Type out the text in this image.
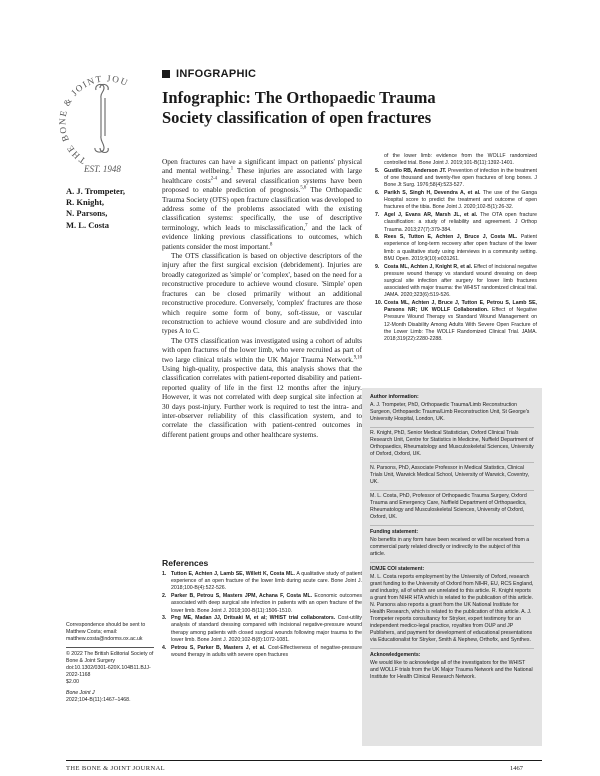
THE BONE & JOINT JOU
EST. 1948
A. J. Trompeter,
R. Knight,
N. Parsons,
M. L. Costa
INFOGRAPHIC
Infographic: The Orthopaedic Trauma Society classification of open fractures

Open fractures can have a significant impact on patients' physical and mental wellbeing.$^1$ These injuries are associated with large healthcare costs$^{2-4}$ and several classification systems have been proposed to enable prediction of prognosis.$^{5,6}$ The Orthopaedic Trauma Society (OTS) open fracture classification was developed to address some of the problems associated with the existing classification systems: specifically, the use of descriptive terminology, which leads to misclassification,$^7$ and the lack of evidence linking previous classifications to outcomes, which patients consider the most important.$^8$

The OTS classification is based on objective descriptors of the injury after the first surgical excision (debridement). Injuries are broadly categorized as 'simple' or 'complex', based on the need for a reconstructive procedure to achieve wound closure. 'Simple' open fractures can be closed primarily without an additional reconstructive procedure. Conversely, 'complex' fractures are those which require some form of bony, soft-tissue, or vascular reconstruction to achieve wound closure and are subdivided into types A to C.

The OTS classification was investigated using a cohort of adults with open fractures of the lower limb, who were recruited as part of two large clinical trials within the UK Major Trauma Network.$^{9,10}$ Using high-quality, prospective data, this analysis shows that the classification correlates with patient-reported disability and patient-reported quality of life in the first 12 months after the injury. However, it was not correlated with deep surgical site infection at 30 days post-injury. Further work is required to test the intra- and inter-observer reliability of this classification system, and to correlate the classification with patient-centred outcomes in different patient groups and other healthcare systems.

References
1. Tutton E, Achten J, Lamb SE, Willett K, Costa ML. A qualitative study of patient experience of an open fracture of the lower limb during acute care. Bone Joint J. 2018;100-B(4):522-526.
2. Parker B, Petrou S, Masters JPM, Achana F, Costa ML. Economic outcomes associated with deep surgical site infection in patients with an open fracture of the lower limb. Bone Joint J. 2018;100-B(11):1506-1510.
3. Png ME, Madan JJ, Dritsaki M, et al; WHIST trial collaborators. Cost-utility analysis of standard dressing compared with incisional negative-pressure wound therapy among patients with closed surgical wounds following major trauma to the lower limb. Bone Joint J. 2020;102-B(8):1072-1081.
4. Petrou S, Parker B, Masters J, et al. Cost-Effectiveness of negative-pressure wound therapy in adults with severe open fractures
of the lower limb: evidence from the WOLLF randomized controlled trial. Bone Joint J. 2019;101-B(11):1392-1401.
5. Gustilo RB, Anderson JT. Prevention of infection in the treatment of one thousand and twenty-five open fractures of long bones. J Bone Jt Surg. 1976;58(4):523-527.
6. Parikh S, Singh H, Devendra A, et al. The use of the Ganga Hospital score to predict the treatment and outcome of open fractures of the tibia. Bone Joint J. 2020;102-B(1):26-32.
7. Agel J, Evans AR, Marsh JL, et al. The OTA open fracture classification: a study of reliability and agreement. J Orthop Trauma. 2013;27(7):379-384.
8. Rees S, Tutton E, Achten J, Bruce J, Costa ML. Patient experience of long-term recovery after open fracture of the lower limb: a qualitative study using interviews in a community setting. BMJ Open. 2019;9(10):e031261.
9. Costa ML, Achten J, Knight R, et al. Effect of incisional negative pressure wound therapy vs standard wound dressing on deep surgical site infection after surgery for lower limb fractures associated with major trauma: the WHIST randomized clinical trial. JAMA. 2020;323(6):519-526.
10. Costa ML, Achten J, Bruce J, Tutton E, Petrou S, Lamb SE, Parsons NR; UK WOLLF Collaboration. Effect of Negative Pressure Wound Therapy vs Standard Wound Management on 12-Month Disability Among Adults With Severe Open Fracture of the Lower Limb: The WOLLF Randomized Clinical Trial. JAMA. 2018;319(22):2280-2288.
Correspondence should be sent to Matthew Costa; email: matthew.costa@ndorms.ox.ac.uk
© 2022 The British Editorial Society of Bone & Joint Surgery
doi:10.1302/0301-620X.104B11.BJJ-2022-1168
$2.00
Bone Joint J
2022;104-B(11):1467–1468.
Author information:
A. J. Trompeter, PhD, Orthopaedic Trauma/Limb Reconstruction Surgeon, Orthopaedic Trauma/Limb Reconstruction Unit, St George's University Hospital, London, UK.
R. Knight, PhD, Senior Medical Statistician, Oxford Clinical Trials Research Unit, Centre for Statistics in Medicine, Nuffield Department of Orthopaedics, Rheumatology and Musculoskeletal Sciences, University of Oxford, Oxford, UK.
N. Parsons, PhD, Associate Professor in Medical Statistics, Clinical Trials Unit, Warwick Medical School, University of Warwick, Coventry, UK.
M. L. Costa, PhD, Professor of Orthopaedic Trauma Surgery, Oxford Trauma and Emergency Care, Nuffield Department of Orthopaedics, Rheumatology and Musculoskeletal Sciences, University of Oxford, Oxford, UK.
Funding statement:
No benefits in any form have been received or will be received from a commercial party related directly or indirectly to the subject of this article.
ICMJE COI statement:
M. L. Costa reports employment by the University of Oxford, research grant funding to the University of Oxford from NIHR, EU, RCS England, and industry, all of which are unrelated to this article. R. Knight reports a grant from NIHR HTA which is related to the publication of this article. N. Parsons also reports a grant from the UK National Institute for Health Research, which is related to the publication of this article. A. J. Trompeter reports consultancy for Stryker, expert testimony for an independent medico-legal practice, royalties from OUP and JP Publishers, and payment for development of educational presentations via Educationalist for Stryker, Smith & Nephew, Orthofix, and Synthes.
Acknowledgements:
We would like to acknowledge all of the investigators for the WHIST and WOLLF trials from the UK Major Trauma Network and the National Institute for Health Clinical Research Network.
THE BONE & JOINT JOURNAL	1467
